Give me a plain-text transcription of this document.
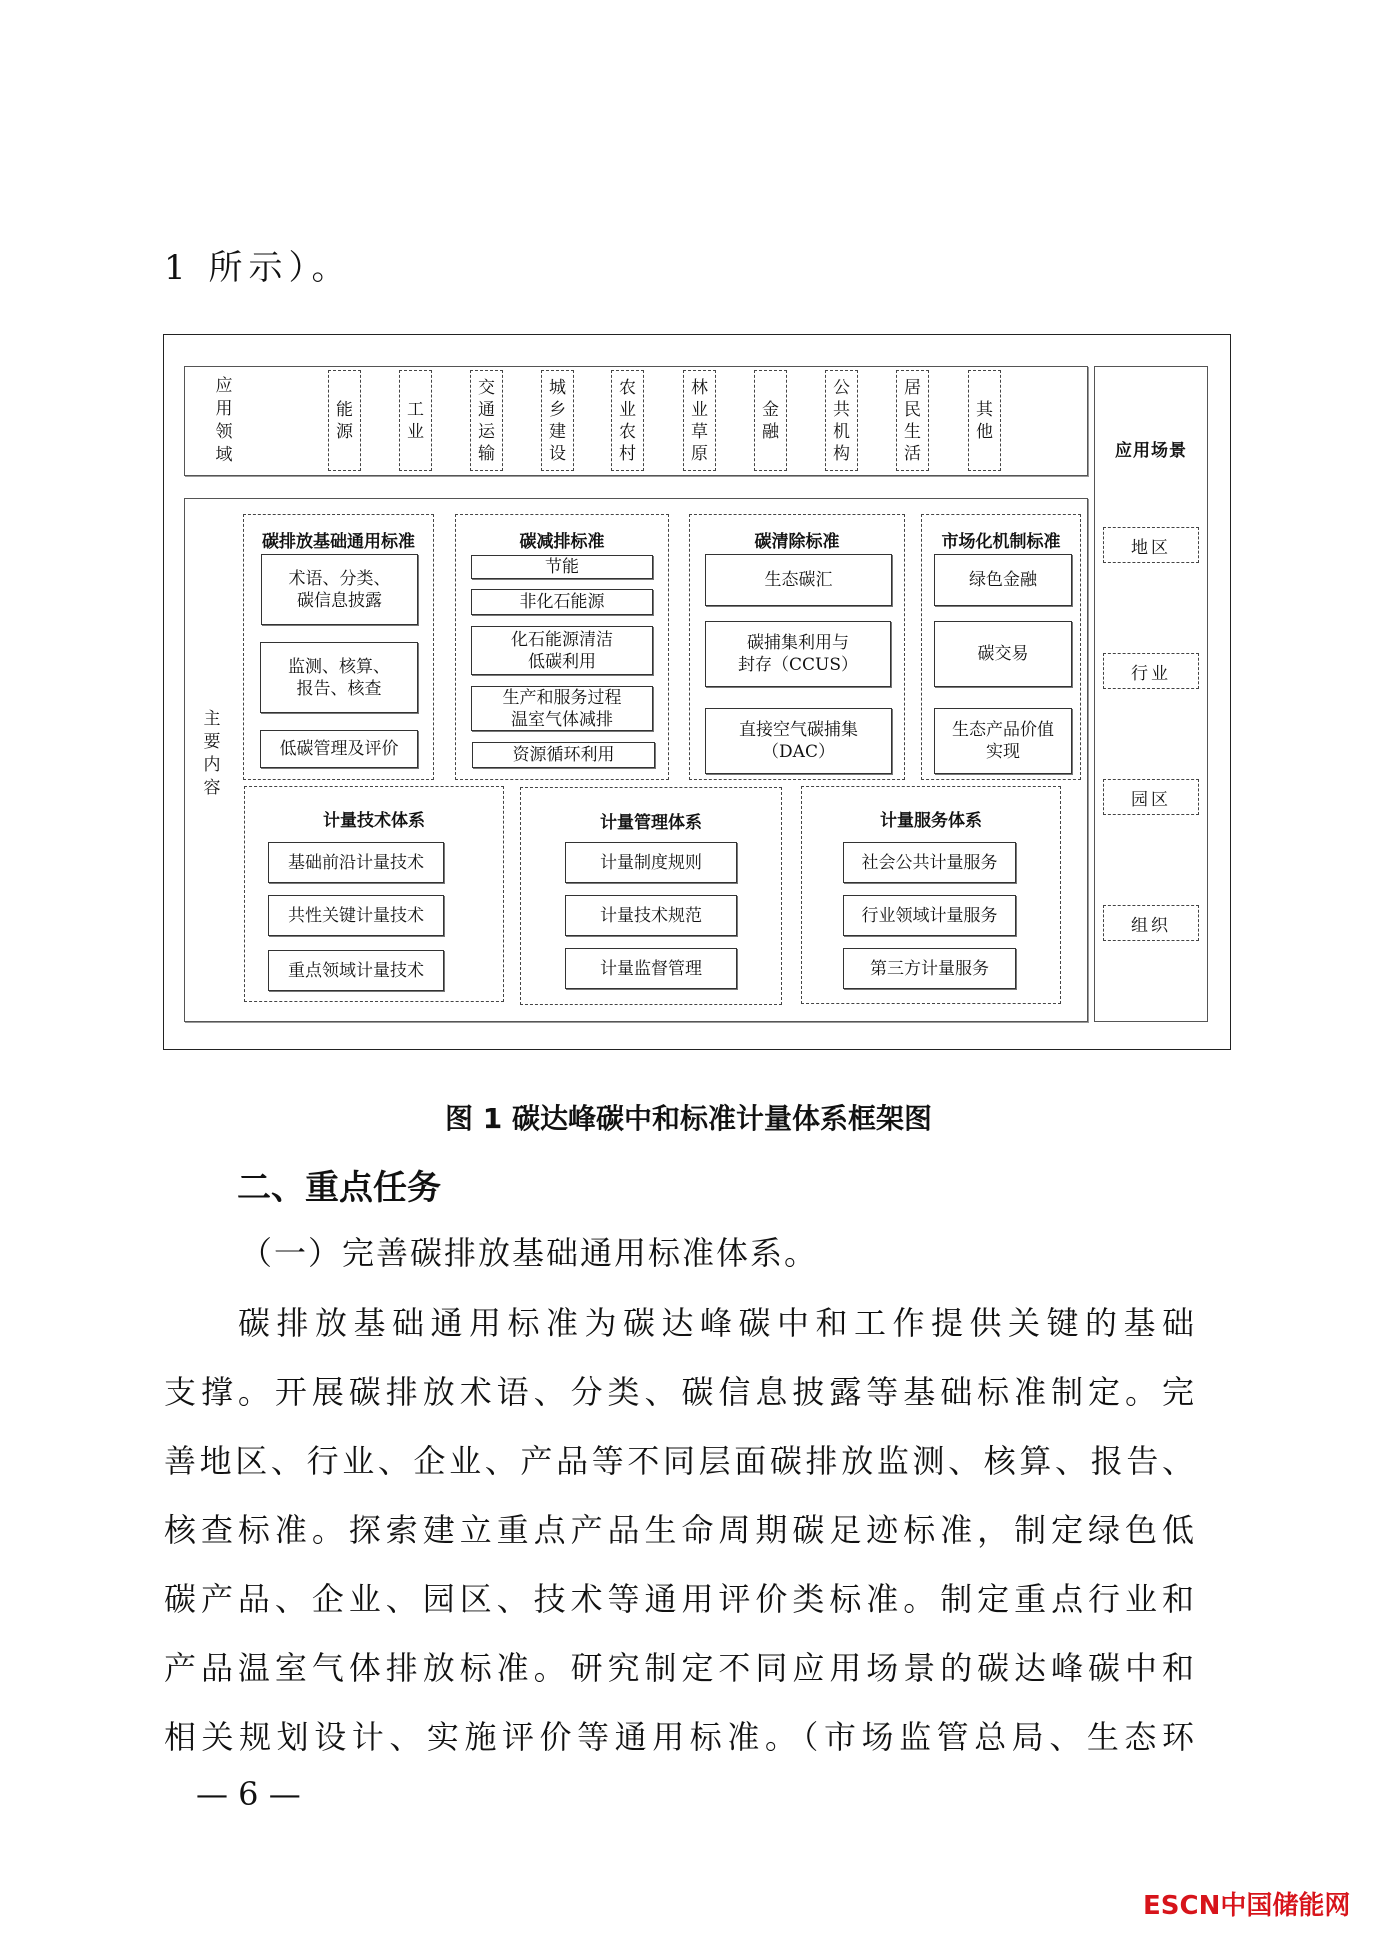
1 所示）。
应用领域
能源
工业
交通运输
城乡建设
农业农村
林业草原
金融
公共机构
居民生活
其他
主要内容
碳排放基础通用标准
术语、分类、
碳信息披露
监测、核算、
报告、核查
低碳管理及评价
碳减排标准
节能
非化石能源
化石能源清洁
低碳利用
生产和服务过程
温室气体减排
资源循环利用
碳清除标准
生态碳汇
碳捕集利用与
封存（CCUS）
直接空气碳捕集
（DAC）
市场化机制标准
绿色金融
碳交易
生态产品价值
实现
计量技术体系
基础前沿计量技术
共性关键计量技术
重点领域计量技术
计量管理体系
计量制度规则
计量技术规范
计量监督管理
计量服务体系
社会公共计量服务
行业领域计量服务
第三方计量服务
应用场景
地区
行业
园区
组织
图 1 碳达峰碳中和标准计量体系框架图
二、重点任务
（一）完善碳排放基础通用标准体系。
碳排放基础通用标准为碳达峰碳中和工作提供关键的基础
支撑。开展碳排放术语、分类、碳信息披露等基础标准制定。完
善地区、行业、企业、产品等不同层面碳排放监测、核算、报告、
核查标准。探索建立重点产品生命周期碳足迹标准，制定绿色低
碳产品、企业、园区、技术等通用评价类标准。制定重点行业和
产品温室气体排放标准。研究制定不同应用场景的碳达峰碳中和
相关规划设计、实施评价等通用标准。（市场监管总局、生态环
— 6 —
ESCN中国储能网
